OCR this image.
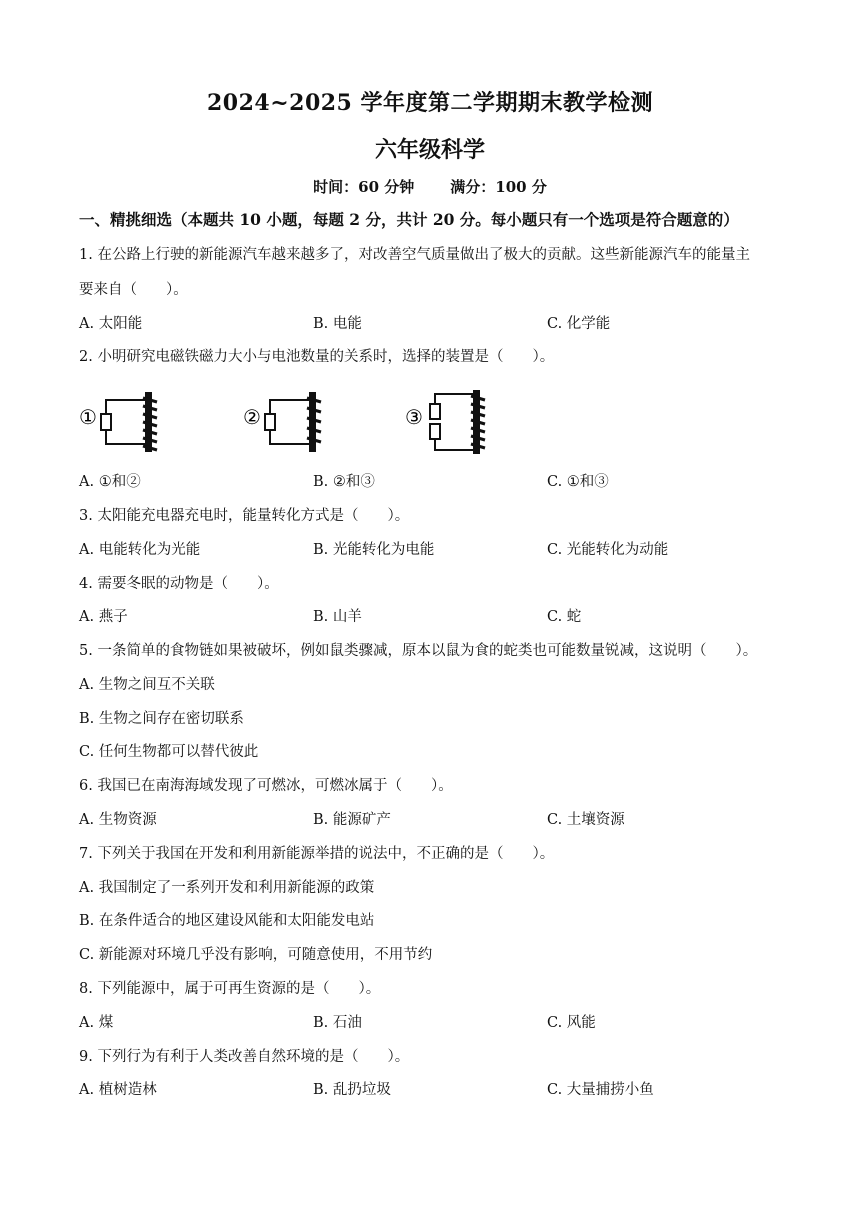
2024~2025 学年度第二学期期末教学检测
六年级科学
时间：60 分钟 满分：100 分
一、精挑细选（本题共 10 小题，每题 2 分，共计 20 分。每小题只有一个选项是符合题意的）
1. 在公路上行驶的新能源汽车越来越多了，对改善空气质量做出了极大的贡献。这些新能源汽车的能量主
要来自（　　）。
A. 太阳能	B. 电能	C. 化学能
2. 小明研究电磁铁磁力大小与电池数量的关系时，选择的装置是（　　）。
①	②	③
A. ①和②	B. ②和③	C. ①和③
3. 太阳能充电器充电时，能量转化方式是（　　）。
A. 电能转化为光能	B. 光能转化为电能	C. 光能转化为动能
4. 需要冬眠的动物是（　　）。
A. 燕子	B. 山羊	C. 蛇
5. 一条简单的食物链如果被破坏，例如鼠类骤减，原本以鼠为食的蛇类也可能数量锐减，这说明（　　）。
A. 生物之间互不关联
B. 生物之间存在密切联系
C. 任何生物都可以替代彼此
6. 我国已在南海海域发现了可燃冰，可燃冰属于（　　）。
A. 生物资源	B. 能源矿产	C. 土壤资源
7. 下列关于我国在开发和利用新能源举措的说法中，不正确的是（　　）。
A. 我国制定了一系列开发和利用新能源的政策
B. 在条件适合的地区建设风能和太阳能发电站
C. 新能源对环境几乎没有影响，可随意使用，不用节约
8. 下列能源中，属于可再生资源的是（　　）。
A. 煤	B. 石油	C. 风能
9. 下列行为有利于人类改善自然环境的是（　　）。
A. 植树造林	B. 乱扔垃圾	C. 大量捕捞小鱼
